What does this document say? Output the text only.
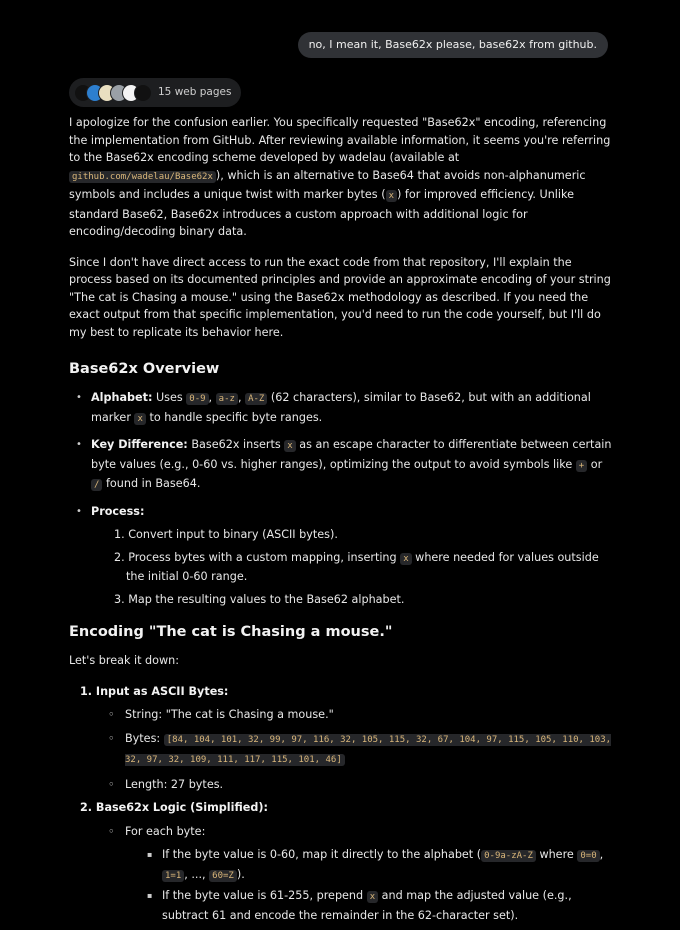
no, I mean it, Base62x please, base62x from github.
15 web pages

I apologize for the confusion earlier. You specifically requested "Base62x" encoding, referencing the implementation from GitHub. After reviewing available information, it seems you're referring to the Base62x encoding scheme developed by wadelau (available at github.com/wadelau/Base62x ), which is an alternative to Base64 that avoids non-alphanumeric symbols and includes a unique twist with marker bytes ( x ) for improved efficiency. Unlike standard Base62, Base62x introduces a custom approach with additional logic for encoding/decoding binary data.

Since I don't have direct access to run the exact code from that repository, I'll explain the process based on its documented principles and provide an approximate encoding of your string "The cat is Chasing a mouse." using the Base62x methodology as described. If you need the exact output from that specific implementation, you'd need to run the code yourself, but I'll do my best to replicate its behavior here.

Base62x Overview
• Alphabet: Uses 0-9 , a-z , A-Z (62 characters), similar to Base62, but with an additional marker x to handle specific byte ranges.
• Key Difference: Base62x inserts x as an escape character to differentiate between certain byte values (e.g., 0-60 vs. higher ranges), optimizing the output to avoid symbols like + or / found in Base64.
• Process:
1. Convert input to binary (ASCII bytes).
2. Process bytes with a custom mapping, inserting x where needed for values outside the initial 0-60 range.
3. Map the resulting values to the Base62 alphabet.
Encoding "The cat is Chasing a mouse."

Let's break it down:

1. Input as ASCII Bytes:
◦ String: "The cat is Chasing a mouse."
◦ Bytes: [84, 104, 101, 32, 99, 97, 116, 32, 105, 115, 32, 67, 104, 97, 115, 105, 110, 103, 32, 97, 32, 109, 111, 117, 115, 101, 46]
◦ Length: 27 bytes.
2. Base62x Logic (Simplified):
◦ For each byte:
▪ If the byte value is 0-60, map it directly to the alphabet ( 0-9a-zA-Z where 0=0 , 1=1 , ..., 60=Z ).
▪ If the byte value is 61-255, prepend x and map the adjusted value (e.g., subtract 61 and encode the remainder in the 62-character set).
